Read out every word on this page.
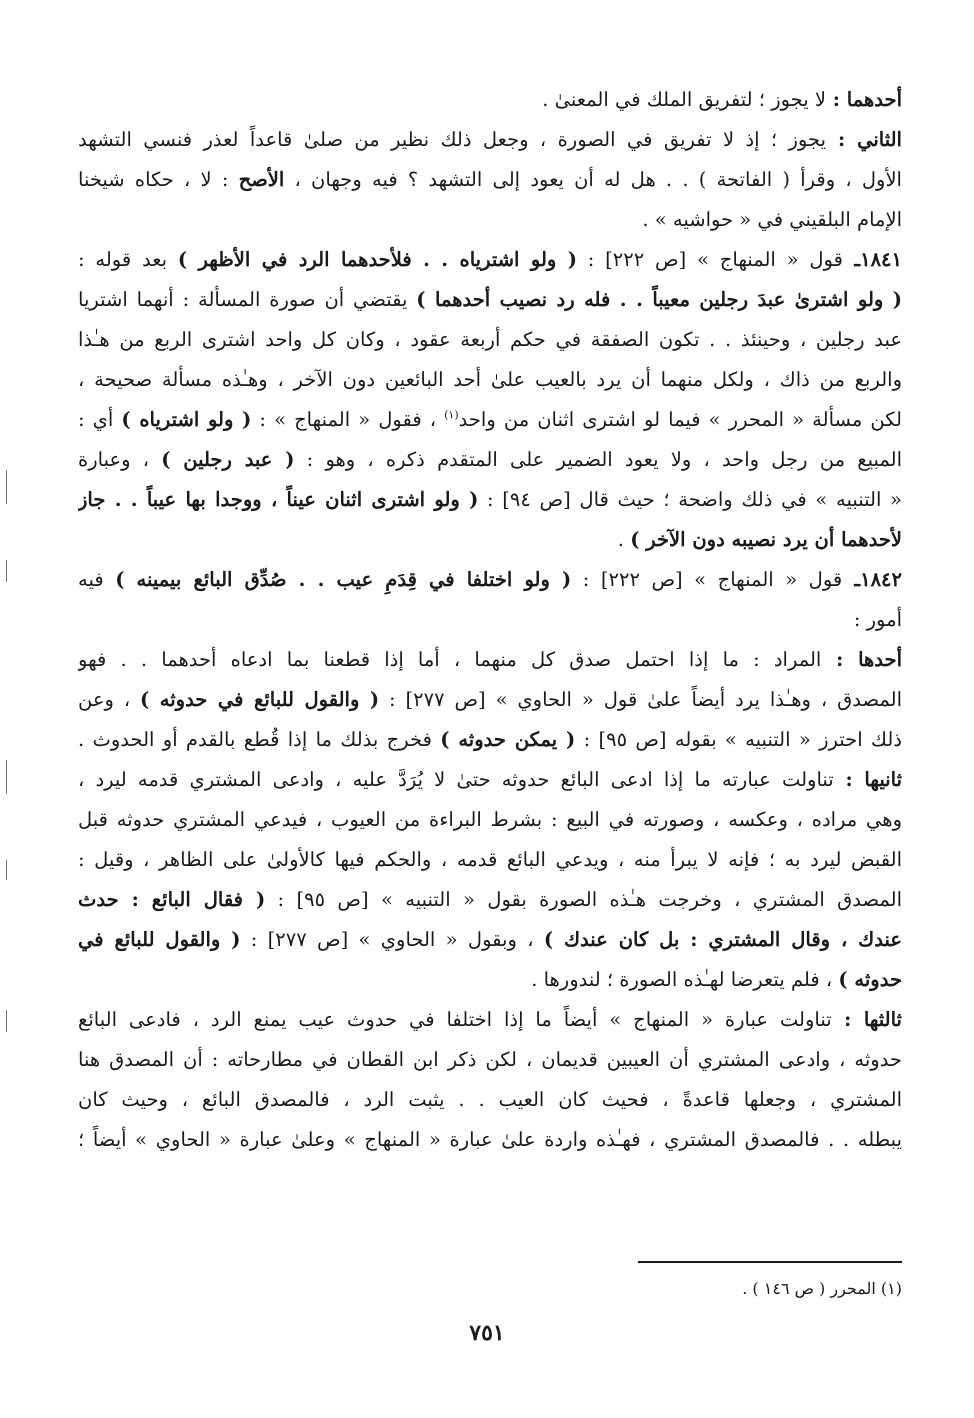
أحدهما : لا يجوز ؛ لتفريق الملك في المعنىٰ .
الثاني : يجوز ؛ إذ لا تفريق في الصورة ، وجعل ذلك نظير من صلىٰ قاعداً لعذر فنسي التشهد
الأول ، وقرأ ( الفاتحة ) . . هل له أن يعود إلى التشهد ؟ فيه وجهان ، الأصح : لا ، حكاه شيخنا
الإمام البلقيني في « حواشيه » .
١٨٤١ـ قول « المنهاج » [ص ٢٢٢] : ( ولو اشترياه . . فلأحدهما الرد في الأظهر ) بعد قوله :
( ولو اشترىٰ عبدَ رجلين معيباً . . فله رد نصيب أحدهما ) يقتضي أن صورة المسألة : أنهما اشتريا
عبد رجلين ، وحينئذ . . تكون الصفقة في حكم أربعة عقود ، وكان كل واحد اشترى الربع من هـٰذا
والربع من ذاك ، ولكل منهما أن يرد بالعيب علىٰ أحد البائعين دون الآخر ، وهـٰذه مسألة صحيحة ،
لكن مسألة « المحرر » فيما لو اشترى اثنان من واحد$^{(١)}$ ، فقول « المنهاج » : ( ولو اشترياه ) أي :
المبيع من رجل واحد ، ولا يعود الضمير على المتقدم ذكره ، وهو : ( عبد رجلين ) ، وعبارة
« التنبيه » في ذلك واضحة ؛ حيث قال [ص ٩٤] : ( ولو اشترى اثنان عيناً ، ووجدا بها عيباً . . جاز
لأحدهما أن يرد نصيبه دون الآخر ) .
١٨٤٢ـ قول « المنهاج » [ص ٢٢٢] : ( ولو اختلفا في قِدَمِ عيب . . صُدِّق البائع بيمينه ) فيه
أمور :
أحدها : المراد : ما إذا احتمل صدق كل منهما ، أما إذا قطعنا بما ادعاه أحدهما . . فهو
المصدق ، وهـٰذا يرد أيضاً علىٰ قول « الحاوي » [ص ٢٧٧] : ( والقول للبائع في حدوثه ) ، وعن
ذلك احترز « التنبيه » بقوله [ص ٩٥] : ( يمكن حدوثه ) فخرج بذلك ما إذا قُطع بالقدم أو الحدوث .
ثانيها : تناولت عبارته ما إذا ادعى البائع حدوثه حتىٰ لا يُرَدَّ عليه ، وادعى المشتري قدمه ليرد ،
وهي مراده ، وعكسه ، وصورته في البيع : بشرط البراءة من العيوب ، فيدعي المشتري حدوثه قبل
القبض ليرد به ؛ فإنه لا يبرأ منه ، ويدعي البائع قدمه ، والحكم فيها كالأولىٰ على الظاهر ، وقيل :
المصدق المشتري ، وخرجت هـٰذه الصورة بقول « التنبيه » [ص ٩٥] : ( فقال البائع : حدث
عندك ، وقال المشتري : بل كان عندك ) ، وبقول « الحاوي » [ص ٢٧٧] : ( والقول للبائع في
حدوثه ) ، فلم يتعرضا لهـٰذه الصورة ؛ لندورها .
ثالثها : تناولت عبارة « المنهاج » أيضاً ما إذا اختلفا في حدوث عيب يمنع الرد ، فادعى البائع
حدوثه ، وادعى المشتري أن العيبين قديمان ، لكن ذكر ابن القطان في مطارحاته : أن المصدق هنا
المشتري ، وجعلها قاعدةً ، فحيث كان العيب . . يثبت الرد ، فالمصدق البائع ، وحيث كان
يبطله . . فالمصدق المشتري ، فهـٰذه واردة علىٰ عبارة « المنهاج » وعلىٰ عبارة « الحاوي » أيضاً ؛
(١) المحرر ( ص ١٤٦ ) .
٧٥١
